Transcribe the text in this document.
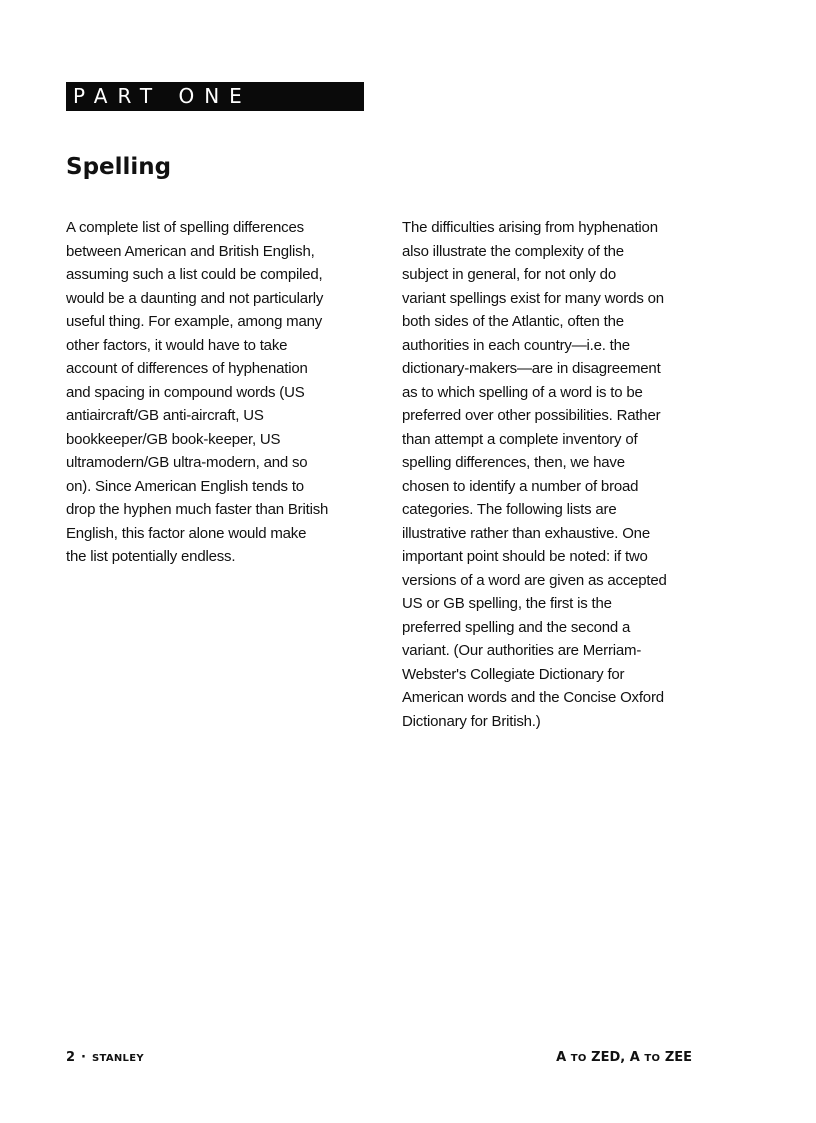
PART ONE
Spelling
A complete list of spelling differences
between American and British English,
assuming such a list could be compiled,
would be a daunting and not particularly
useful thing. For example, among many
other factors, it would have to take
account of differences of hyphenation
and spacing in compound words (US
antiaircraft/GB anti-aircraft, US
bookkeeper/GB book-keeper, US
ultramodern/GB ultra-modern, and so
on). Since American English tends to
drop the hyphen much faster than British
English, this factor alone would make
the list potentially endless.
The difficulties arising from hyphenation
also illustrate the complexity of the
subject in general, for not only do
variant spellings exist for many words on
both sides of the Atlantic, often the
authorities in each country—i.e. the
dictionary-makers—are in disagreement
as to which spelling of a word is to be
preferred over other possibilities. Rather
than attempt a complete inventory of
spelling differences, then, we have
chosen to identify a number of broad
categories. The following lists are
illustrative rather than exhaustive. One
important point should be noted: if two
versions of a word are given as accepted
US or GB spelling, the first is the
preferred spelling and the second a
variant. (Our authorities are Merriam-
Webster's Collegiate Dictionary for
American words and the Concise Oxford
Dictionary for British.)
2 · STANLEY	A TO ZED, A TO ZEE
